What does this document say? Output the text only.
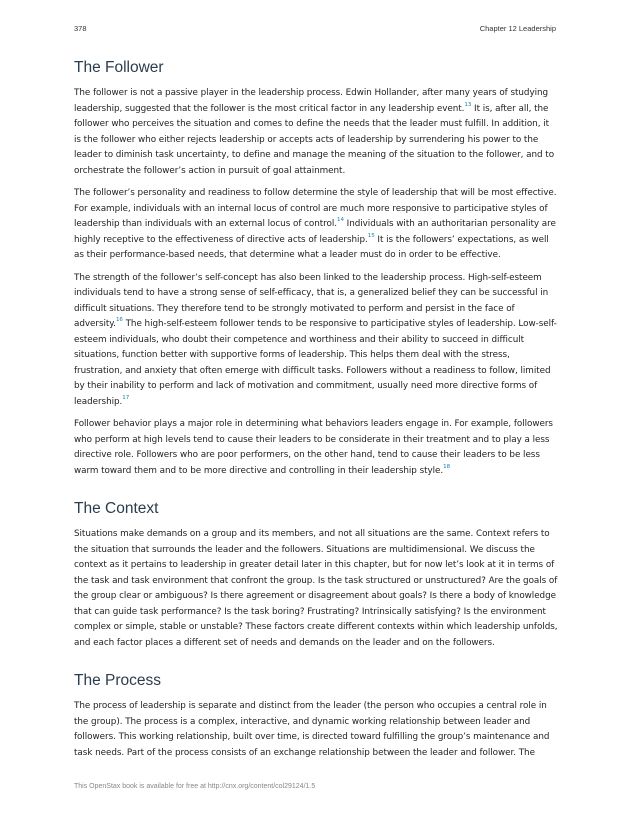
378	Chapter 12 Leadership
The Follower

The follower is not a passive player in the leadership process. Edwin Hollander, after many years of studying leadership, suggested that the follower is the most critical factor in any leadership event.$^{13}$ It is, after all, the follower who perceives the situation and comes to define the needs that the leader must fulfill. In addition, it is the follower who either rejects leadership or accepts acts of leadership by surrendering his power to the leader to diminish task uncertainty, to define and manage the meaning of the situation to the follower, and to orchestrate the follower’s action in pursuit of goal attainment.

The follower’s personality and readiness to follow determine the style of leadership that will be most effective. For example, individuals with an internal locus of control are much more responsive to participative styles of leadership than individuals with an external locus of control.$^{14}$ Individuals with an authoritarian personality are highly receptive to the effectiveness of directive acts of leadership.$^{15}$ It is the followers’ expectations, as well as their performance-based needs, that determine what a leader must do in order to be effective.

The strength of the follower’s self-concept has also been linked to the leadership process. High-self-esteem individuals tend to have a strong sense of self-efficacy, that is, a generalized belief they can be successful in difficult situations. They therefore tend to be strongly motivated to perform and persist in the face of adversity.$^{16}$ The high-self-esteem follower tends to be responsive to participative styles of leadership. Low-self-esteem individuals, who doubt their competence and worthiness and their ability to succeed in difficult situations, function better with supportive forms of leadership. This helps them deal with the stress, frustration, and anxiety that often emerge with difficult tasks. Followers without a readiness to follow, limited by their inability to perform and lack of motivation and commitment, usually need more directive forms of leadership.$^{17}$

Follower behavior plays a major role in determining what behaviors leaders engage in. For example, followers who perform at high levels tend to cause their leaders to be considerate in their treatment and to play a less directive role. Followers who are poor performers, on the other hand, tend to cause their leaders to be less warm toward them and to be more directive and controlling in their leadership style.$^{18}$

The Context

Situations make demands on a group and its members, and not all situations are the same. Context refers to the situation that surrounds the leader and the followers. Situations are multidimensional. We discuss the context as it pertains to leadership in greater detail later in this chapter, but for now let’s look at it in terms of the task and task environment that confront the group. Is the task structured or unstructured? Are the goals of the group clear or ambiguous? Is there agreement or disagreement about goals? Is there a body of knowledge that can guide task performance? Is the task boring? Frustrating? Intrinsically satisfying? Is the environment complex or simple, stable or unstable? These factors create different contexts within which leadership unfolds, and each factor places a different set of needs and demands on the leader and on the followers.

The Process

The process of leadership is separate and distinct from the leader (the person who occupies a central role in the group). The process is a complex, interactive, and dynamic working relationship between leader and followers. This working relationship, built over time, is directed toward fulfilling the group’s maintenance and task needs. Part of the process consists of an exchange relationship between the leader and follower. The

This OpenStax book is available for free at http://cnx.org/content/col29124/1.5
